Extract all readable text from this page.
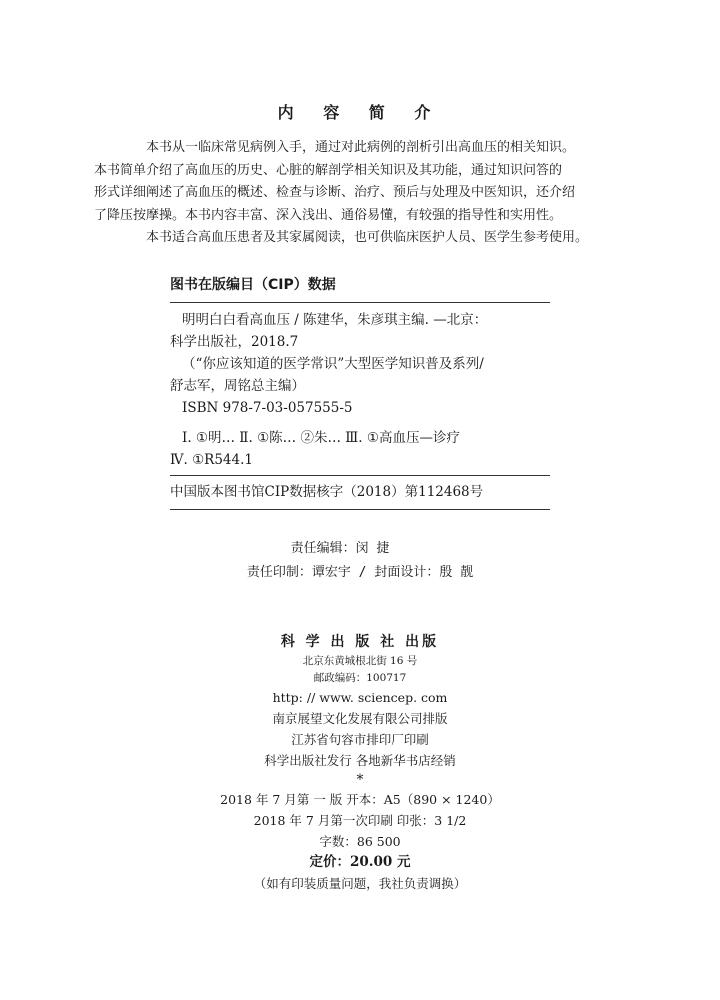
内 容 简 介

本书从一临床常见病例入手，通过对此病例的剖析引出高血压的相关知识。
本书简单介绍了高血压的历史、心脏的解剖学相关知识及其功能，通过知识问答的
形式详细阐述了高血压的概述、检查与诊断、治疗、预后与处理及中医知识，还介绍
了降压按摩操。本书内容丰富、深入浅出、通俗易懂，有较强的指导性和实用性。

本书适合高血压患者及其家属阅读，也可供临床医护人员、医学生参考使用。

图书在版编目（CIP）数据
明明白白看高血压 / 陈建华，朱彦琪主编. —北京：
科学出版社，2018.7
（“你应该知道的医学常识”大型医学知识普及系列/
舒志军，周铭总主编）
ISBN 978-7-03-057555-5
Ⅰ. ①明… Ⅱ. ①陈… ②朱… Ⅲ. ①高血压—诊疗
Ⅳ. ①R544.1
中国版本图书馆CIP数据核字（2018）第112468号
责任编辑：闵 捷
责任印制：谭宏宇 / 封面设计：殷 靓
科 学 出 版 社 出版
北京东黄城根北街 16 号
邮政编码：100717
http: // www. sciencep. com
南京展望文化发展有限公司排版
江苏省句容市排印厂印刷
科学出版社发行 各地新华书店经销
*
2018 年 7 月第 一 版 开本：A5（890 × 1240）
2018 年 7 月第一次印刷 印张：3 1/2
字数：86 500
定价：20.00 元
（如有印装质量问题，我社负责调换）
